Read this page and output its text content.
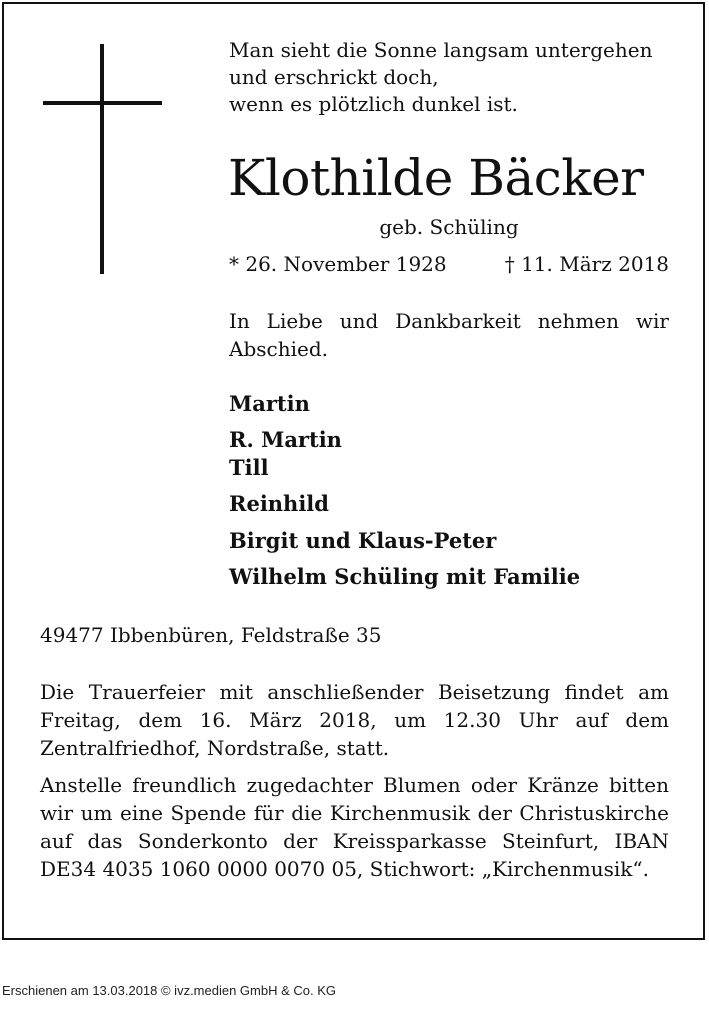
Man sieht die Sonne langsam untergehen
und erschrickt doch,
wenn es plötzlich dunkel ist.
Klothilde Bäcker
geb. Schüling
* 26. November 1928	† 11. März 2018
In Liebe und Dankbarkeit nehmen wir Abschied.
Martin
R. Martin
Till
Reinhild
Birgit und Klaus-Peter
Wilhelm Schüling mit Familie
49477 Ibbenbüren, Feldstraße 35
Die Trauerfeier mit anschließender Beisetzung findet am Freitag, dem 16. März 2018, um 12.30 Uhr auf dem Zentralfriedhof, Nordstraße, statt.
Anstelle freundlich zugedachter Blumen oder Kränze bitten wir um eine Spende für die Kirchenmusik der Christuskirche auf das Sonderkonto der Kreissparkasse Steinfurt, IBAN DE34 4035 1060 0000 0070 05, Stichwort: „Kirchenmusik“.
Erschienen am 13.03.2018 © ivz.medien GmbH & Co. KG
